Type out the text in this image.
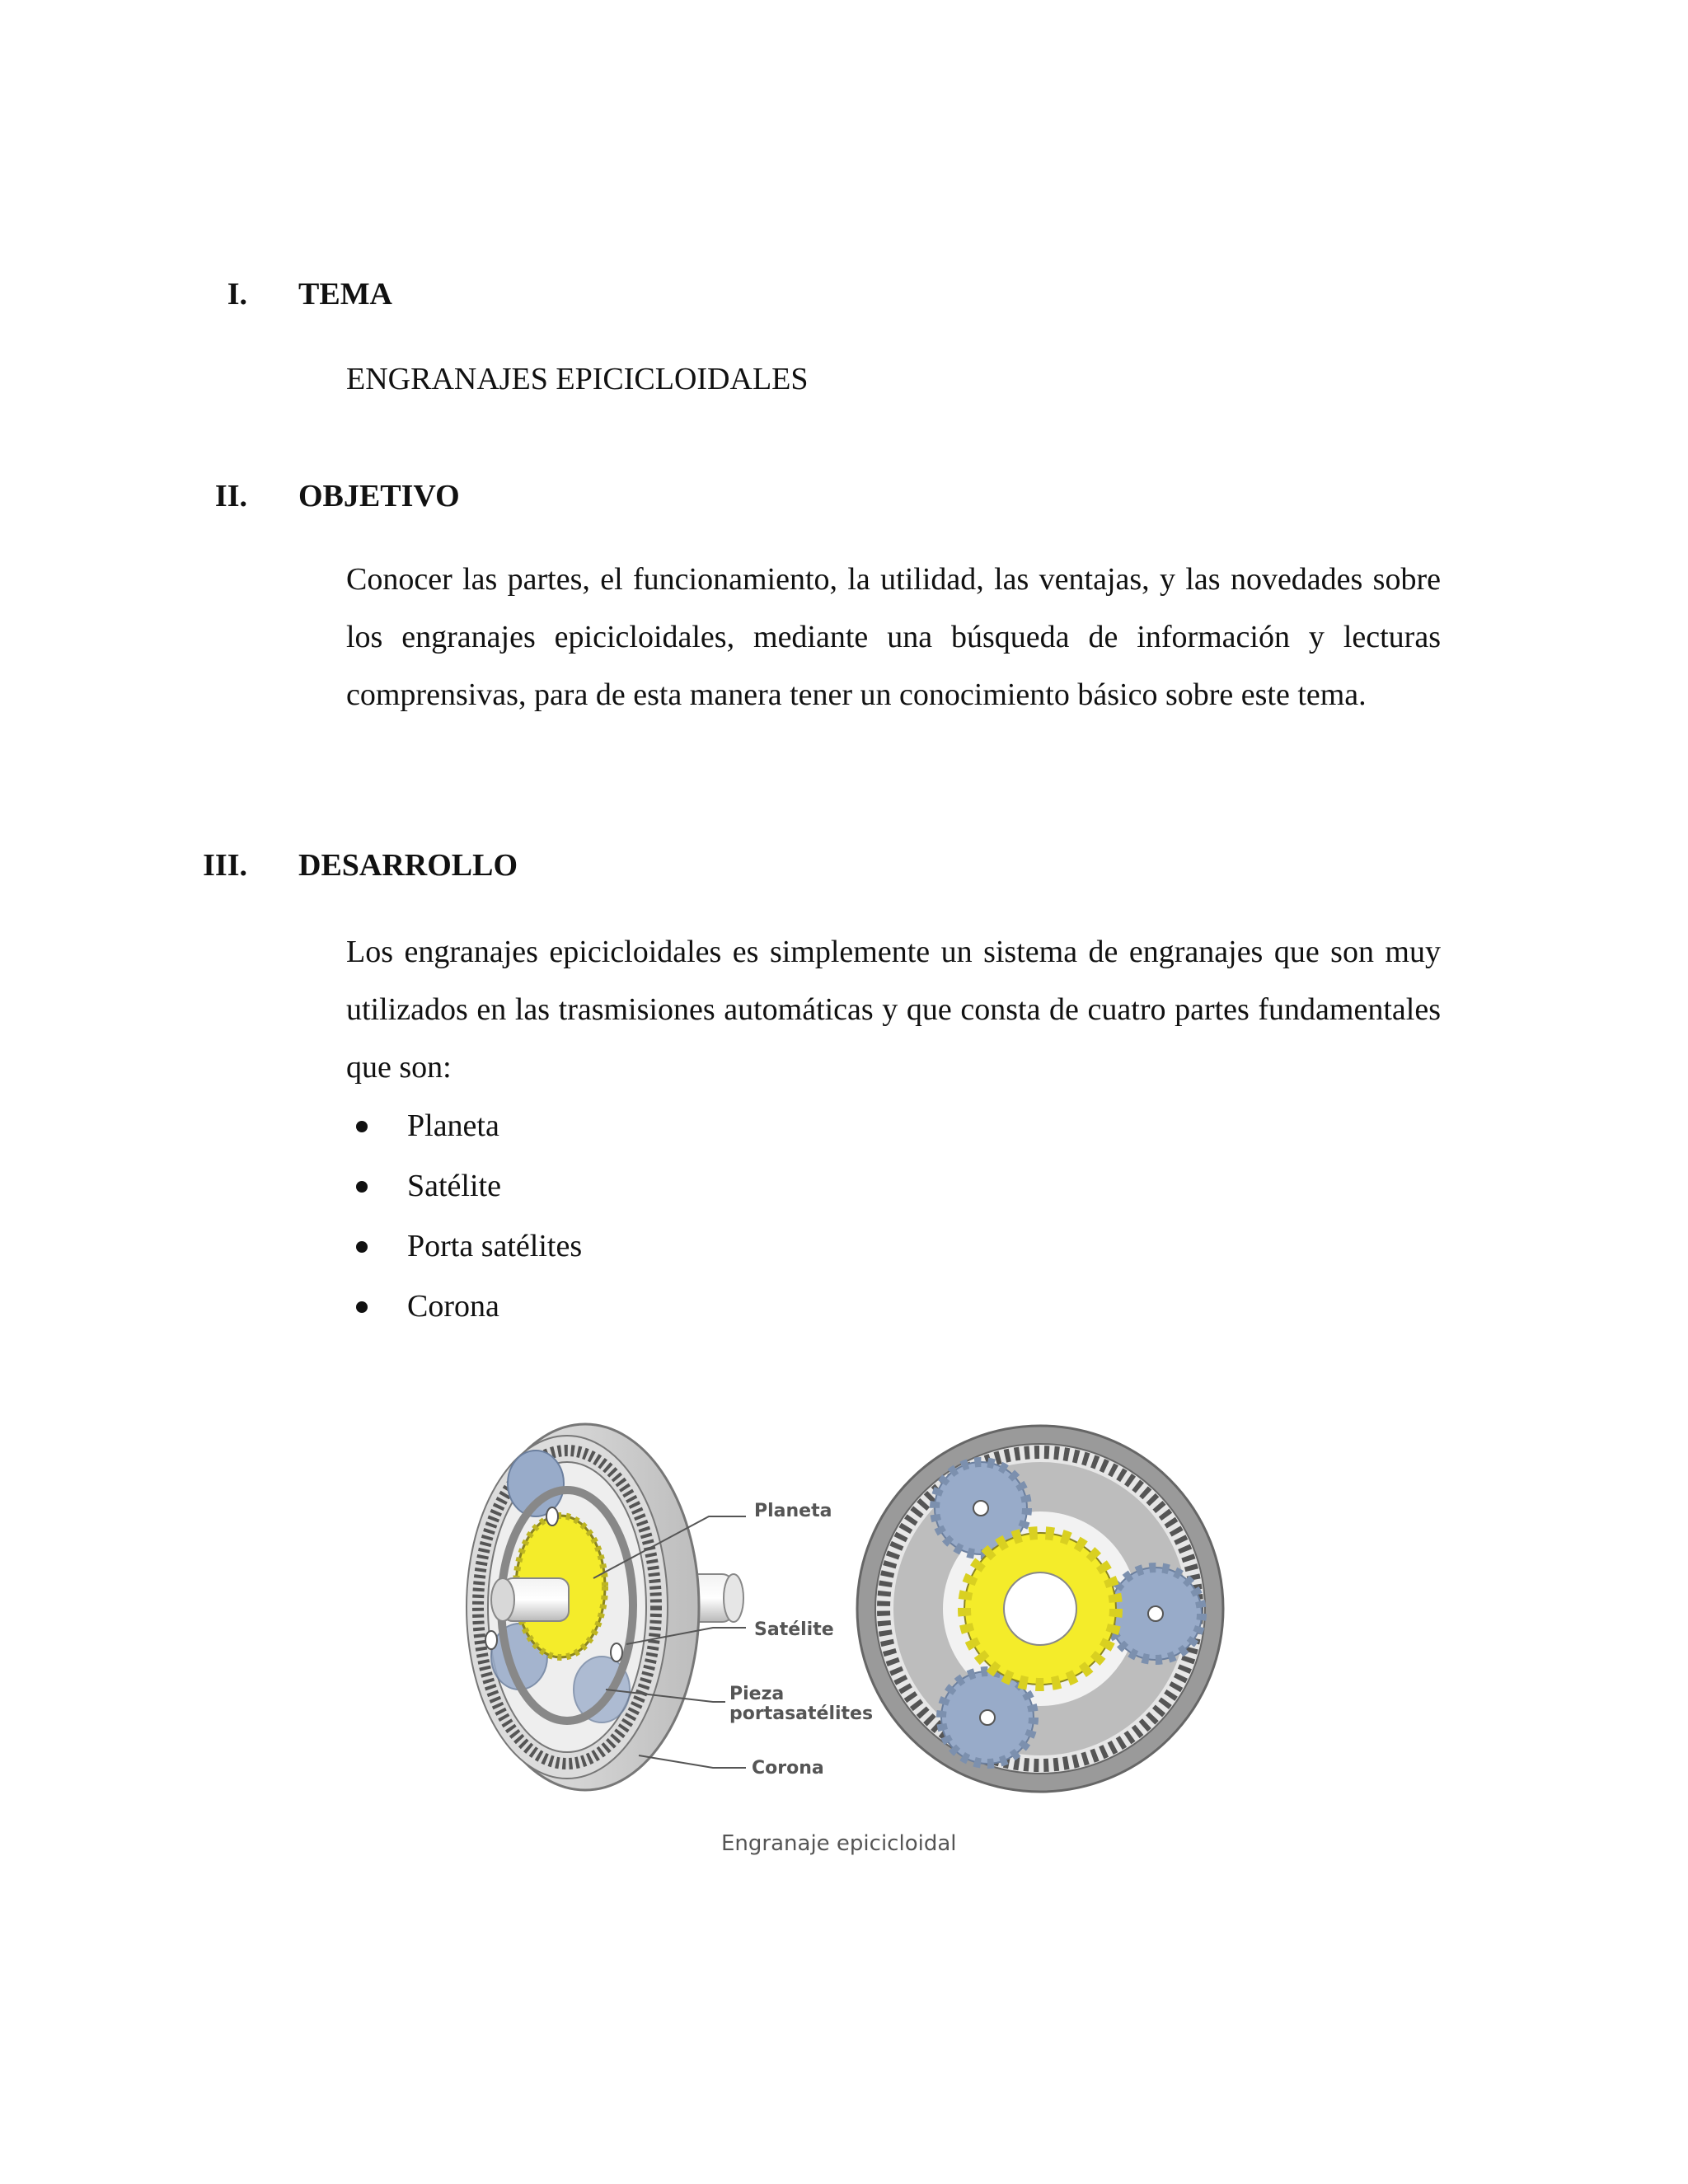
I. TEMA
ENGRANAJES EPICICLOIDALES
II. OBJETIVO

Conocer las partes, el funcionamiento, la utilidad, las ventajas, y las novedades sobre los engranajes epicicloidales, mediante una búsqueda de información y lecturas comprensivas, para de esta manera tener un conocimiento básico sobre este tema.

III. DESARROLLO

Los engranajes epicicloidales es simplemente un sistema de engranajes que son muy utilizados en las trasmisiones automáticas y que consta de cuatro partes fundamentales que son:

Planeta
Satélite
Porta satélites
Corona
Planeta
Satélite
Pieza
portasatélites
Corona
Engranaje epicicloidal
